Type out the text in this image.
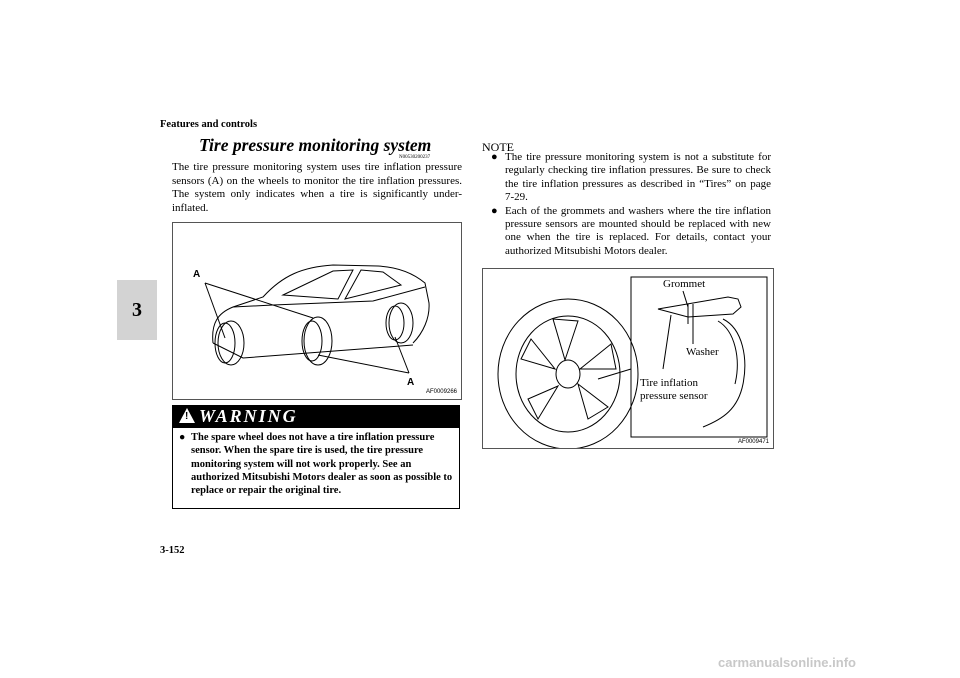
Features and controls
3
Tire pressure monitoring system
N00530200237
The tire pressure monitoring system uses tire inflation pressure sensors (A) on the wheels to monitor the tire inflation pressures. The system only indicates when a tire is significantly under-inflated.
A
A
AF0009266
! WARNING
● The spare wheel does not have a tire inflation pressure sensor. When the spare tire is used, the tire pressure monitoring system will not work properly. See an authorized Mitsubishi Motors dealer as soon as possible to replace or repair the original tire.
NOTE
● The tire pressure monitoring system is not a substitute for regularly checking tire inflation pressures. Be sure to check the tire inflation pressures as described in “Tires” on page 7-29.
● Each of the grommets and washers where the tire inflation pressure sensors are mounted should be replaced with new one when the tire is replaced. For details, contact your authorized Mitsubishi Motors dealer.
Grommet
Washer
Tire inflation
pressure sensor
AF0009471
3-152
carmanualsonline.info
